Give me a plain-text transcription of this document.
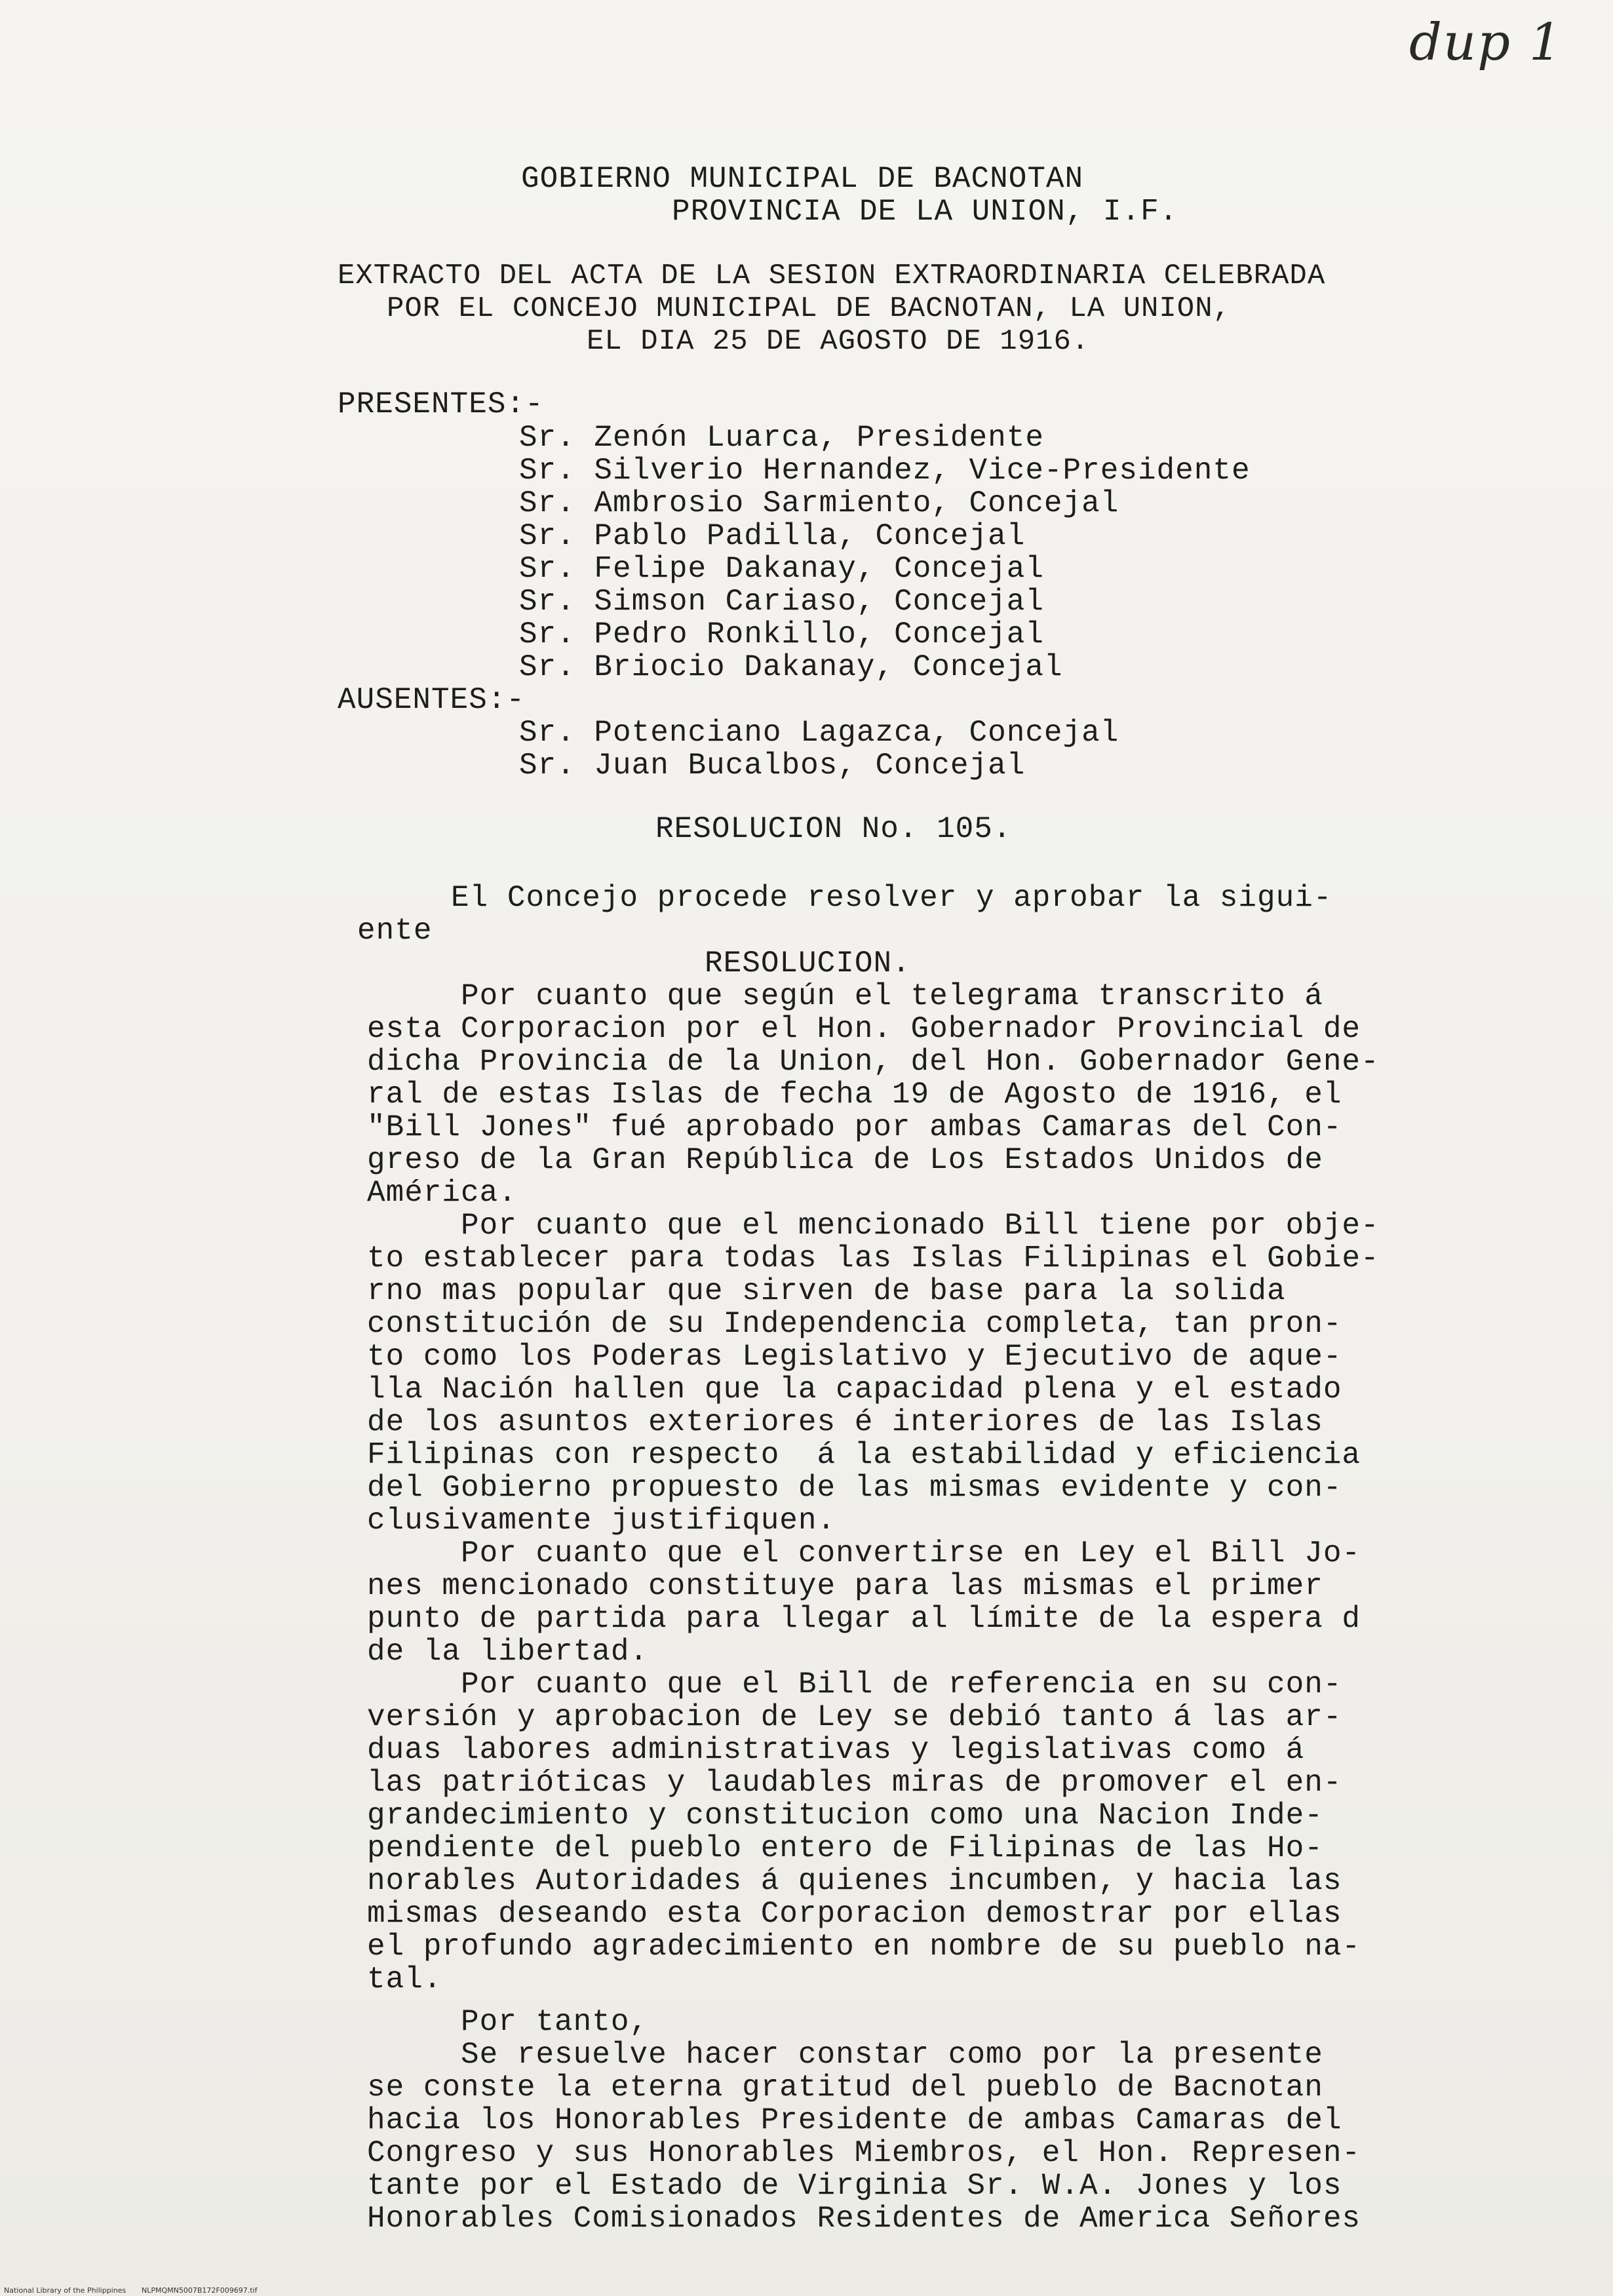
dup 1
GOBIERNO MUNICIPAL DE BACNOTAN
PROVINCIA DE LA UNION, I.F.
EXTRACTO DEL ACTA DE LA SESION EXTRAORDINARIA CELEBRADA
POR EL CONCEJO MUNICIPAL DE BACNOTAN, LA UNION,
EL DIA 25 DE AGOSTO DE 1916.
PRESENTES:-
Sr. Zenón Luarca, Presidente
Sr. Silverio Hernandez, Vice-Presidente
Sr. Ambrosio Sarmiento, Concejal
Sr. Pablo Padilla, Concejal
Sr. Felipe Dakanay, Concejal
Sr. Simson Cariaso, Concejal
Sr. Pedro Ronkillo, Concejal
Sr. Briocio Dakanay, Concejal
AUSENTES:-
Sr. Potenciano Lagazca, Concejal
Sr. Juan Bucalbos, Concejal
RESOLUCION No. 105.
El Concejo procede resolver y aprobar la sigui-
ente
RESOLUCION.
Por cuanto que según el telegrama transcrito á
esta Corporacion por el Hon. Gobernador Provincial de
dicha Provincia de la Union, del Hon. Gobernador Gene-
ral de estas Islas de fecha 19 de Agosto de 1916, el
"Bill Jones" fué aprobado por ambas Camaras del Con-
greso de la Gran República de Los Estados Unidos de
América.
Por cuanto que el mencionado Bill tiene por obje-
to establecer para todas las Islas Filipinas el Gobie-
rno mas popular que sirven de base para la solida
constitución de su Independencia completa, tan pron-
to como los Poderas Legislativo y Ejecutivo de aque-
lla Nación hallen que la capacidad plena y el estado
de los asuntos exteriores é interiores de las Islas
Filipinas con respecto  á la estabilidad y eficiencia
del Gobierno propuesto de las mismas evidente y con-
clusivamente justifiquen.
Por cuanto que el convertirse en Ley el Bill Jo-
nes mencionado constituye para las mismas el primer
punto de partida para llegar al límite de la espera d
de la libertad.
Por cuanto que el Bill de referencia en su con-
versión y aprobacion de Ley se debió tanto á las ar-
duas labores administrativas y legislativas como á
las patrióticas y laudables miras de promover el en-
grandecimiento y constitucion como una Nacion Inde-
pendiente del pueblo entero de Filipinas de las Ho-
norables Autoridades á quienes incumben, y hacia las
mismas deseando esta Corporacion demostrar por ellas
el profundo agradecimiento en nombre de su pueblo na-
tal.
Por tanto,
Se resuelve hacer constar como por la presente
se conste la eterna gratitud del pueblo de Bacnotan
hacia los Honorables Presidente de ambas Camaras del
Congreso y sus Honorables Miembros, el Hon. Represen-
tante por el Estado de Virginia Sr. W.A. Jones y los
Honorables Comisionados Residentes de America Señores
National Library of the Philippines NLPMQMN5007B172F009697.tif
